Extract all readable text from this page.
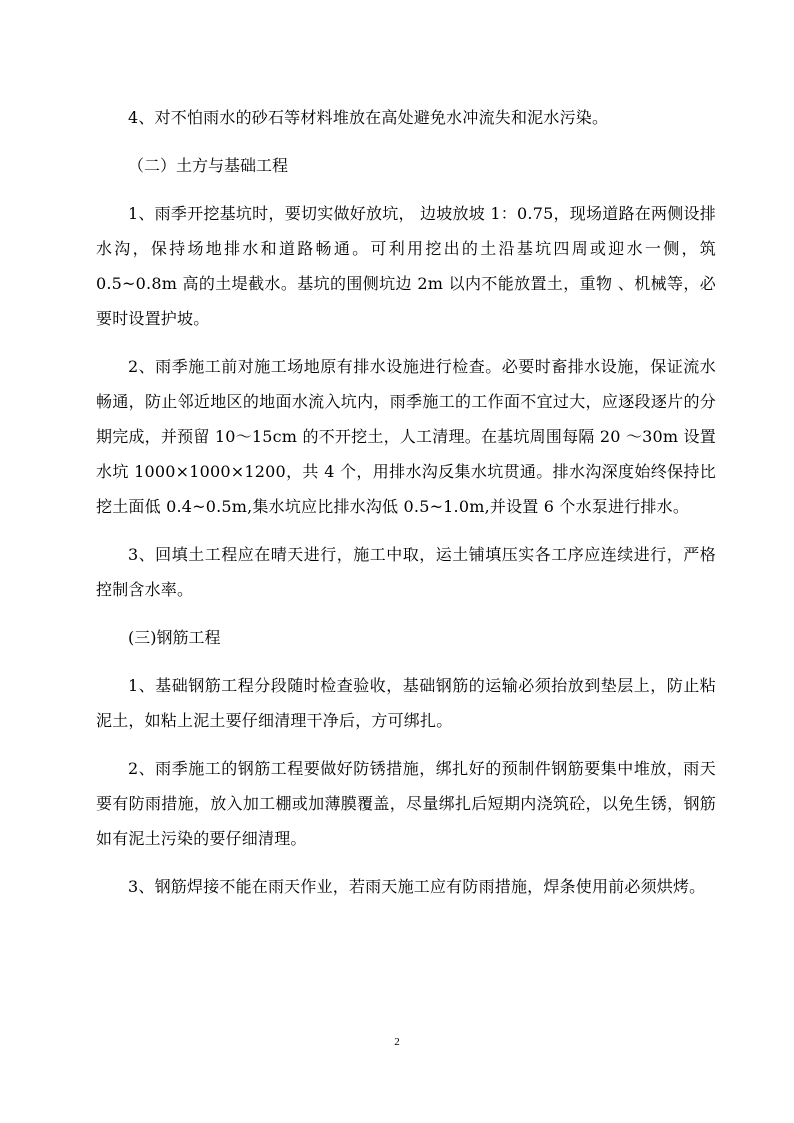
4、对不怕雨水的砂石等材料堆放在高处避免水冲流失和泥水污染。

（二）土方与基础工程

1、雨季开挖基坑时，要切实做好放坑， 边坡放坡 1：0.75，现场道路在两侧设排水沟，保持场地排水和道路畅通。可利用挖出的土沿基坑四周或迎水一侧，筑 0.5~0.8m 高的土堤截水。基坑的围侧坑边 2m 以内不能放置土，重物 、机械等，必要时设置护坡。

2、雨季施工前对施工场地原有排水设施进行检查。必要时畜排水设施，保证流水畅通，防止邻近地区的地面水流入坑内，雨季施工的工作面不宜过大，应逐段逐片的分期完成，并预留 10～15cm 的不开挖土，人工清理。在基坑周围每隔 20 ～30m 设置水坑 1000×1000×1200，共 4 个，用排水沟反集水坑贯通。排水沟深度始终保持比挖土面低 0.4~0.5m,集水坑应比排水沟低 0.5~1.0m,并设置 6 个水泵进行排水。

3、回填土工程应在晴天进行，施工中取，运土铺填压实各工序应连续进行，严格控制含水率。

(三)钢筋工程

1、基础钢筋工程分段随时检查验收，基础钢筋的运输必须抬放到垫层上，防止粘泥土，如粘上泥土要仔细清理干净后，方可绑扎。

2、雨季施工的钢筋工程要做好防锈措施，绑扎好的预制件钢筋要集中堆放，雨天要有防雨措施，放入加工棚或加薄膜覆盖，尽量绑扎后短期内浇筑砼，以免生锈，钢筋如有泥土污染的要仔细清理。

3、钢筋焊接不能在雨天作业，若雨天施工应有防雨措施，焊条使用前必须烘烤。

2
